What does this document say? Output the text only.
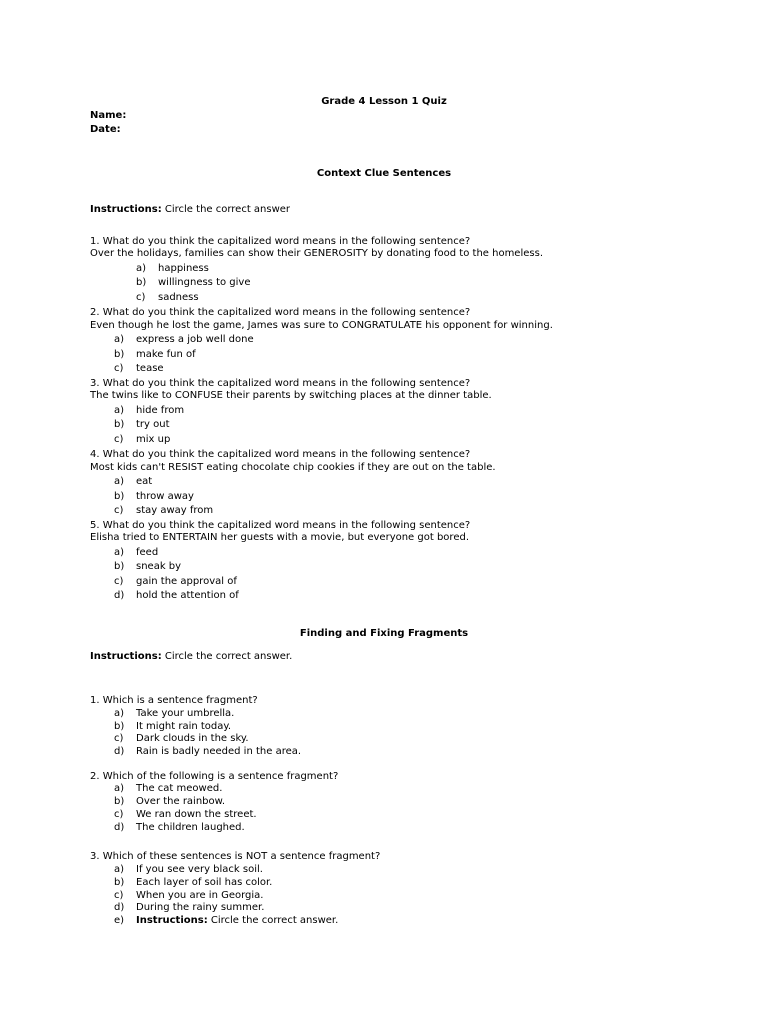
Grade 4 Lesson 1 Quiz
Name:
Date:
Context Clue Sentences
Instructions: Circle the correct answer
1. What do you think the capitalized word means in the following sentence?
Over the holidays, families can show their GENEROSITY by donating food to the homeless.
a) happiness
b) willingness to give
c) sadness
2. What do you think the capitalized word means in the following sentence?
Even though he lost the game, James was sure to CONGRATULATE his opponent for winning.
a) express a job well done
b) make fun of
c) tease
3. What do you think the capitalized word means in the following sentence?
The twins like to CONFUSE their parents by switching places at the dinner table.
a) hide from
b) try out
c) mix up
4. What do you think the capitalized word means in the following sentence?
Most kids can't RESIST eating chocolate chip cookies if they are out on the table.
a) eat
b) throw away
c) stay away from
5. What do you think the capitalized word means in the following sentence?
Elisha tried to ENTERTAIN her guests with a movie, but everyone got bored.
a) feed
b) sneak by
c) gain the approval of
d) hold the attention of
Finding and Fixing Fragments
Instructions: Circle the correct answer.
1. Which is a sentence fragment?
a) Take your umbrella.
b) It might rain today.
c) Dark clouds in the sky.
d) Rain is badly needed in the area.
2. Which of the following is a sentence fragment?
a) The cat meowed.
b) Over the rainbow.
c) We ran down the street.
d) The children laughed.
3. Which of these sentences is NOT a sentence fragment?
a) If you see very black soil.
b) Each layer of soil has color.
c) When you are in Georgia.
d) During the rainy summer.
e) Instructions: Circle the correct answer.
